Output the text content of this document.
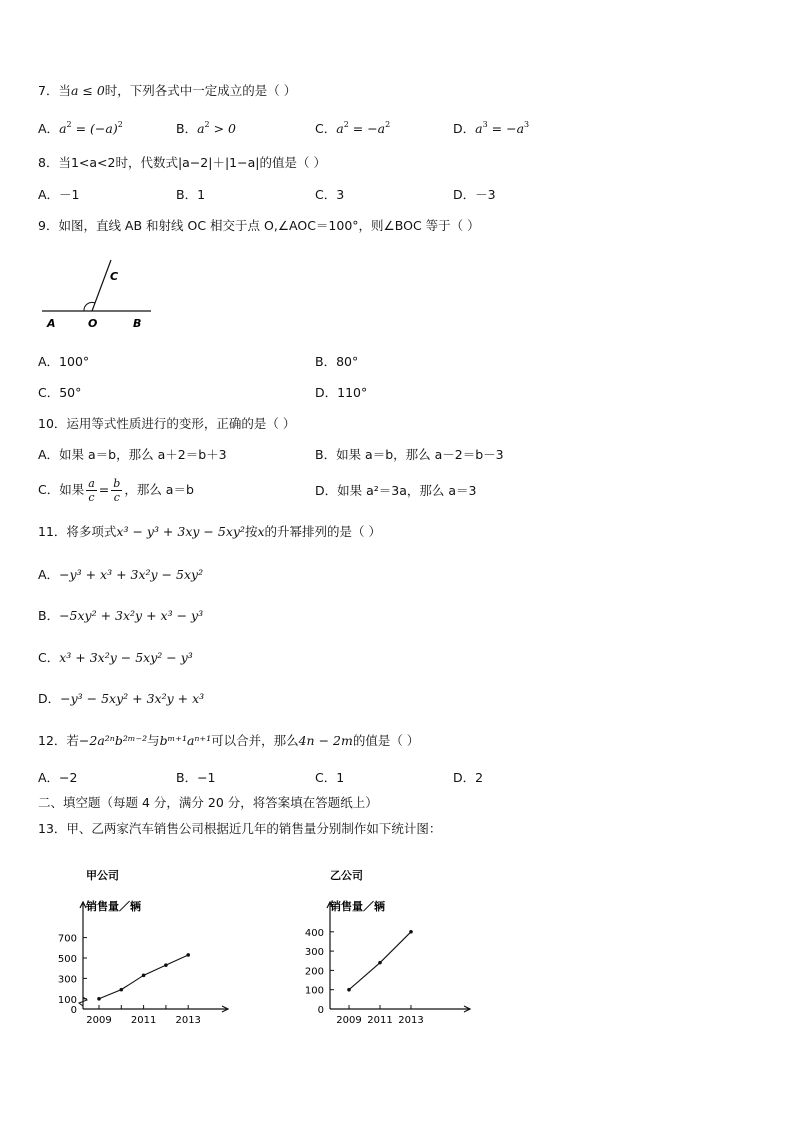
7．当a ≤ 0时，下列各式中一定成立的是（ ）
A．$a^2 = (-a)^2$	B．$a^2 > 0$	C．$a^2 = -a^2$	D．$a^3 = -a^3$
8．当1<a<2时，代数式|a−2|＋|1−a|的值是（ ）
A．－1	B．1	C．3	D．－3
9．如图，直线 AB 和射线 OC 相交于点 O,∠AOC＝100°，则∠BOC 等于（ ）
C
A	O	B
A．100°	B．80°
C．50°	D．110°
10．运用等式性质进行的变形，正确的是（ ）
A．如果 a＝b，那么 a＋2＝b＋3	B．如果 a＝b，那么 a－2＝b－3
C．如果 $\frac{a}{c} = \frac{b}{c}$ ，那么 a＝b	D．如果 a²＝3a，那么 a＝3
11．将多项式x³ − y³ + 3xy − 5xy²按x的升幂排列的是（ ）
A．−y³ + x³ + 3x²y − 5xy²
B．−5xy² + 3x²y + x³ − y³
C．x³ + 3x²y − 5xy² − y³
D．−y³ − 5xy² + 3x²y + x³
12．若−2a²ⁿb²ᵐ⁻²与bᵐ⁺¹aⁿ⁺¹可以合并，那么4n − 2m的值是（ ）
A．−2	B．−1	C．1	D．2
二、填空题（每题 4 分，满分 20 分，将答案填在答题纸上）
13．甲、乙两家汽车销售公司根据近几年的销售量分别制作如下统计图：
甲公司
销售量／辆
700
500
300
100
0
2009 2011 2013
乙公司
销售量／辆
400
300
200
100
0
2009 2011 2013
